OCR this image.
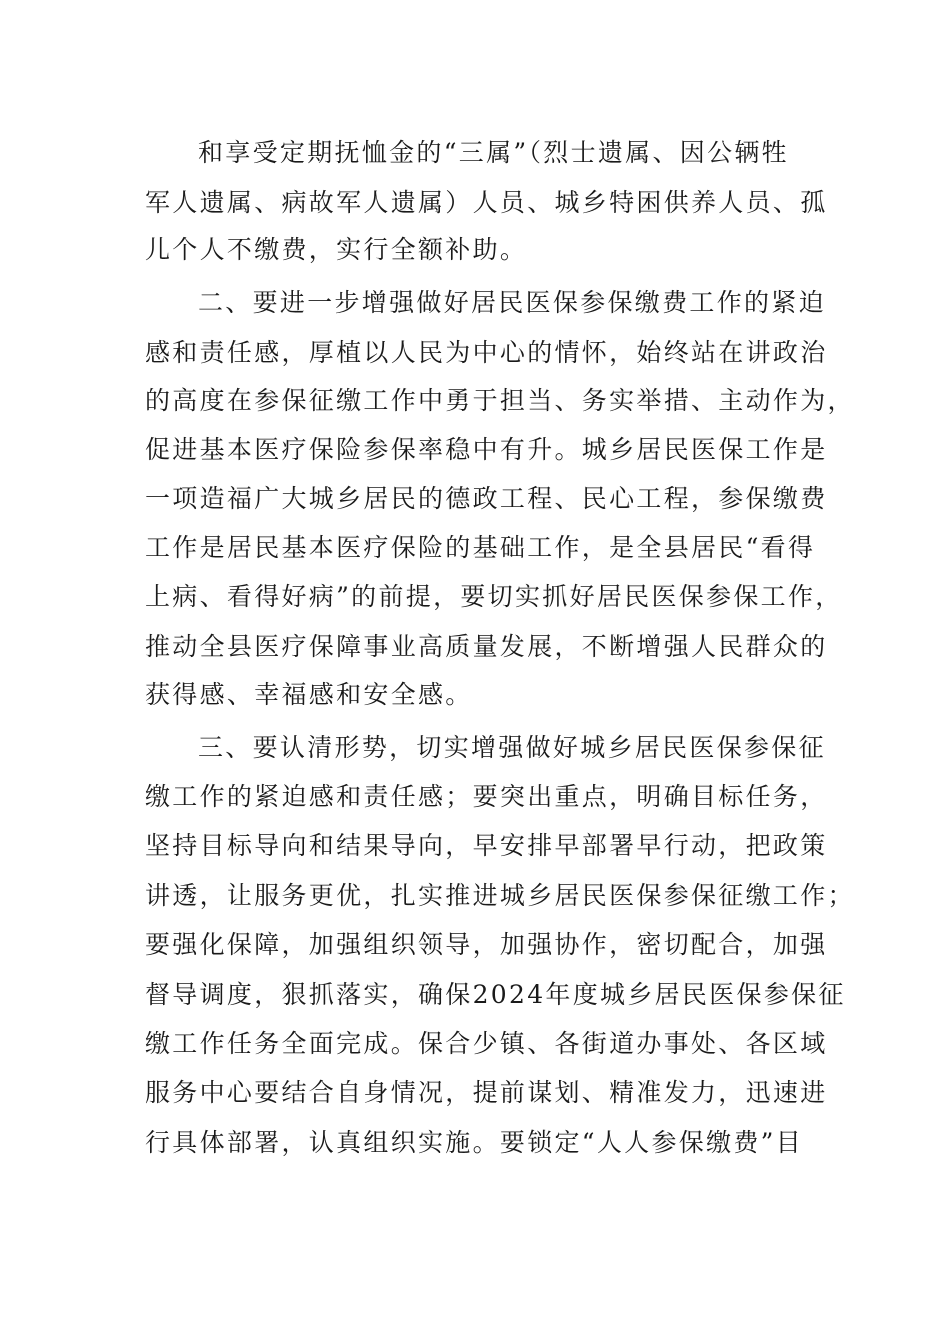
和享受定期抚恤金的“三属”（烈士遗属、因公辆牲
军人遗属、病故军人遗属）人员、城乡特困供养人员、孤
儿个人不缴费，实行全额补助。
二、要进一步增强做好居民医保参保缴费工作的紧迫
感和责任感，厚植以人民为中心的情怀，始终站在讲政治
的高度在参保征缴工作中勇于担当、务实举措、主动作为，
促进基本医疗保险参保率稳中有升。城乡居民医保工作是
一项造福广大城乡居民的德政工程、民心工程，参保缴费
工作是居民基本医疗保险的基础工作，是全县居民“看得
上病、看得好病”的前提，要切实抓好居民医保参保工作，
推动全县医疗保障事业高质量发展，不断增强人民群众的
获得感、幸福感和安全感。
三、要认清形势，切实增强做好城乡居民医保参保征
缴工作的紧迫感和责任感；要突出重点，明确目标任务，
坚持目标导向和结果导向，早安排早部署早行动，把政策
讲透，让服务更优，扎实推进城乡居民医保参保征缴工作；
要强化保障，加强组织领导，加强协作，密切配合，加强
督导调度，狠抓落实，确保2024年度城乡居民医保参保征
缴工作任务全面完成。保合少镇、各街道办事处、各区域
服务中心要结合自身情况，提前谋划、精准发力，迅速进
行具体部署，认真组织实施。要锁定“人人参保缴费”目
